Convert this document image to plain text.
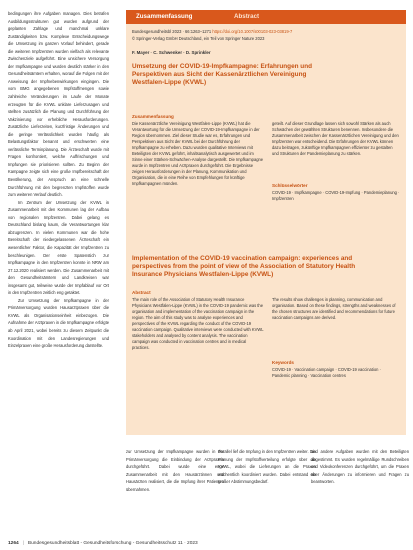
bedingungen ihre Aufgaben managen. Dies betrafen Ausbildungsstrukturen gut wurden aufgrund der geplanten Zahlage und manchmal unklare Zuständigkeiten bzw. Komplexe Entscheidungswege die Umsetzung im ganzen Vorlauf behindert, gerade die weiteren Impfzentren wurden vielfach als relevante Zwischenziele aufgeführt. Eine unsichere Versorgung der Impfkampagne und wurden deutlich stärker in den Gesundheitsämtern erhalten, worauf die Folgen mit der Anweisung der Impfnebenwirkungen eingingen. Die vom BMG angegebenen Impfstoffmengen sowie zahlreiche Veränderungen im Laufe der Monate erzeugten für die KVWL unklare Lieferzusagen und stellten zusätzlich die Planung und Durchführung der Vakzinierung vor erhebliche Herausforderungen. Zusätzliche Lieferzeiten, kurzfristige Änderungen und die geringe Verlässlichkeit wurden häufig als Belastungsfaktor benannt und erschwerten eine verlässliche Terminplanung. Die Ärzteschaft wurde mit Fragen konfrontiert, welche Auffrischungen und Impfungen sie priorisieren sollten. Zu Beginn der Kampagne zeigte sich eine große Impfbereitschaft der Bevölkerung, der Anspruch an eine schnelle Durchführung mit den begrenzten Impfstoffen wurde zum weiteren Verlauf deutlich.

Im Zentrum der Umsetzung der KVWL in Zusammenarbeit mit den Kommunen lag der Aufbau von regionalen Impfzentren. Dabei gelang es Deutschland bislang kaum, die Verantwortungen klar abzugrenzen. In vielen Kommunen war die hohe Bereitschaft der niedergelassenen Ärzteschaft ein wesentlicher Faktor, die Kapazität der Impfzentren zu beschleunigen. Der erste Spatenstich zur Impfkampagne in den Impfzentren konnte in NRW am 27.12.2020 realisiert werden. Die Zusammenarbeit mit den Gesundheitsämtern und Landkreisen war insgesamt gut, teilweise wurde der Impfablauf vor Ort in den Impfzentren zeitlich eng getaktet.

Zur Umsetzung der Impfkampagne in der Primärversorgung wurden Hausarztpraxen über die KVWL als Organisationseinheit einbezogen. Die Aufnahme der Arztpraxen in die Impfkampagne erfolgte ab April 2021, wobei bereits zu diesem Zeitpunkt die Koordination mit den Landesregierungen und Einzelpraxen eine große Herausforderung darstellte.

Zusammenfassung	Abstract
Bundesgesundheitsbl 2023 · 66:1263–1271 https://doi.org/10.1007/s00103-023-03819-7
© Springer-Verlag GmbH Deutschland, ein Teil von Springer Nature 2023
F. Mayer · C. Schwenker · D. Sprinkler
Umsetzung der COVID-19-Impfkampagne: Erfahrungen und Perspektiven aus Sicht der Kassenärztlichen Vereinigung Westfalen-Lippe (KVWL)
Zusammenfassung
Die Kassenärztliche Vereinigung Westfalen-Lippe (KVWL) hat die Verantwortung für die Umsetzung der COVID-19-Impfkampagne in der Region übernommen. Ziel dieser Studie war es, Erfahrungen und Perspektiven aus Sicht der KVWL bei der Durchführung der Impfkampagne zu erheben. Dazu wurden qualitative Interviews mit Beteiligten der KVWL geführt, inhaltsanalytisch ausgewertet und im Sinne einer Stärken-Schwächen-Analyse dargestellt. Die Impfkampagne wurde in Impfzentren und Arztpraxen durchgeführt. Die Ergebnisse zeigen Herausforderungen in der Planung, Kommunikation und Organisation, die in eine Reihe von Empfehlungen für künftige Impfkampagnen münden.
geteilt. Auf dieser Grundlage lassen sich sowohl Stärken als auch Schwächen der gewählten Strukturen benennen. Insbesondere die Zusammenarbeit zwischen der Kassenärztlichen Vereinigung und den Impfzentren war entscheidend. Die Erfahrungen der KVWL können dazu beitragen, zukünftige Impfkampagnen effizienter zu gestalten und Strukturen der Pandemieplanung zu stärken.
Schlüsselwörter
COVID-19 · Impfkampagne · COVID-19-Impfung · Pandemieplanung · Impfzentren
Implementation of the COVID-19 vaccination campaign: experiences and perspectives from the point of view of the Association of Statutory Health Insurance Physicians Westfalen-Lippe (KVWL)
Abstract
The main role of the Association of Statutory Health Insurance Physicians Westfalen-Lippe (KVWL) in the COVID-19 pandemic was the organisation and implementation of the vaccination campaign in the region. The aim of this study was to analyse experiences and perspectives of the KVWL regarding the conduct of the COVID-19 vaccination campaign. Qualitative interviews were conducted with KVWL stakeholders and analysed by content analysis. The vaccination campaign was conducted in vaccination centres and in medical practices.
The results show challenges in planning, communication and organisation. Based on these findings, strengths and weaknesses of the chosen structures are identified and recommendations for future vaccination campaigns are derived.
Keywords
COVID-19 · Vaccination campaign · COVID-19 vaccination · Pandemic planning · Vaccination centres
zur Umsetzung der Impfkampagne wurden in der Primärversorgung die Einbindung der Arztpraxen durchgeführt. Dabei wurde eine enge Zusammenarbeit mit den Hausärztinnen und Hausärzten realisiert, die die Impfung ihrer Patienten übernahmen.
Parallel lief die Impfung in den Impfzentren weiter. Die Planung der Impfstoffverteilung erfolgte über die KVWL, wobei die Lieferungen an die Praxen wöchentlich koordiniert wurden. Dabei entstand ein großer Abstimmungsbedarf.
und andere Aufgaben wurden mit den Beteiligten abgestimmt. Es wurden regelmäßige Rundschreiben und Videokonferenzen durchgeführt, um die Praxen über Änderungen zu informieren und Fragen zu beantworten.
1264 | Bundesgesundheitsblatt - Gesundheitsforschung - Gesundheitsschutz 11 · 2023
